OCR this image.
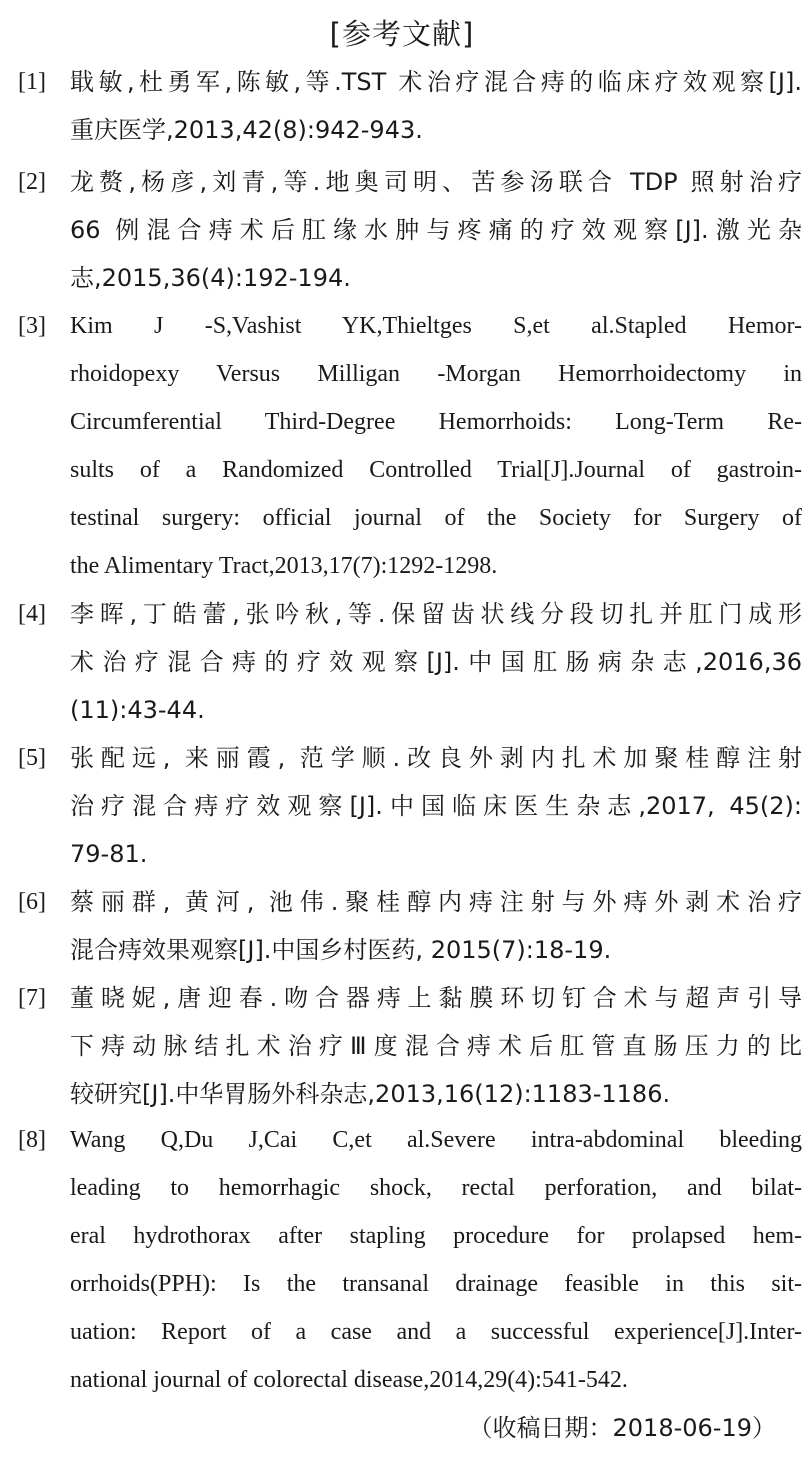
[参考文献]
[1]	戢敏,杜勇军,陈敏,等.TST 术治疗混合痔的临床疗效观察[J].
重庆医学,2013,42(8):942-943.
[2]	龙赘,杨彦,刘青,等.地奥司明、苦参汤联合 TDP 照射治疗
66 例混合痔术后肛缘水肿与疼痛的疗效观察[J].激光杂
志,2015,36(4):192-194.
[3]	Kim J -S,Vashist YK,Thieltges S,et al.Stapled Hemor-
rhoidopexy Versus Milligan -Morgan Hemorrhoidectomy in
Circumferential Third-Degree Hemorrhoids: Long-Term Re-
sults of a Randomized Controlled Trial[J].Journal of gastroin-
testinal surgery: official journal of the Society for Surgery of
the Alimentary Tract,2013,17(7):1292-1298.
[4]	李晖,丁皓蕾,张吟秋,等.保留齿状线分段切扎并肛门成形
术治疗混合痔的疗效观察[J].中国肛肠病杂志,2016,36
(11):43-44.
[5]	张配远, 来丽霞, 范学顺.改良外剥内扎术加聚桂醇注射
治疗混合痔疗效观察[J].中国临床医生杂志,2017, 45(2):
79-81.
[6]	蔡丽群, 黄河, 池伟.聚桂醇内痔注射与外痔外剥术治疗
混合痔效果观察[J].中国乡村医药, 2015(7):18-19.
[7]	董晓妮,唐迎春.吻合器痔上黏膜环切钉合术与超声引导
下痔动脉结扎术治疗Ⅲ度混合痔术后肛管直肠压力的比
较研究[J].中华胃肠外科杂志,2013,16(12):1183-1186.
[8]	Wang Q,Du J,Cai C,et al.Severe intra-abdominal bleeding
leading to hemorrhagic shock, rectal perforation, and bilat-
eral hydrothorax after stapling procedure for prolapsed hem-
orrhoids(PPH): Is the transanal drainage feasible in this sit-
uation: Report of a case and a successful experience[J].Inter-
national journal of colorectal disease,2014,29(4):541-542.
（收稿日期：2018-06-19）
